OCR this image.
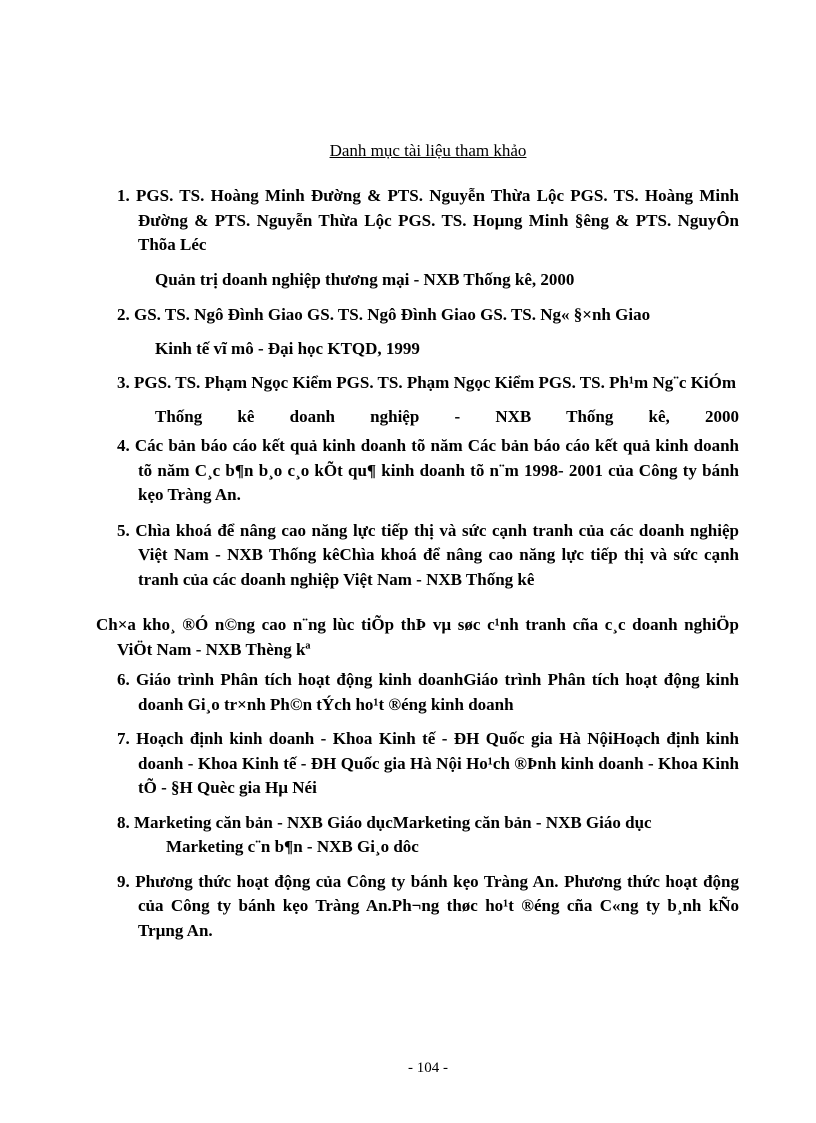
Danh mục tài liệu tham khảo
1. PGS. TS. Hoàng Minh Đường & PTS. Nguyễn Thừa Lộc PGS. TS. Hoàng Minh Đường & PTS. Nguyễn Thừa Lộc PGS. TS. Hoµng Minh §êng & PTS. NguyÔn Thõa Léc
Quản trị doanh nghiệp thương mại - NXB Thống kê, 2000
2. GS. TS. Ngô Đình Giao GS. TS. Ngô Đình Giao GS. TS. Ng« §×nh Giao
Kinh tế vĩ mô - Đại học KTQD, 1999
3. PGS. TS. Phạm Ngọc Kiểm PGS. TS. Phạm Ngọc Kiểm PGS. TS. Ph¹m Ng¨c KiÓm
Thống kê doanh nghiệp - NXB Thống kê, 2000
4. Các bản báo cáo kết quả kinh doanh tõ năm Các bản báo cáo kết quả kinh doanh tõ năm C¸c b¶n b¸o c¸o kÕt qu¶ kinh doanh tõ n¨m 1998- 2001 của Công ty bánh kẹo Tràng An.
5. Chìa khoá để nâng cao năng lực tiếp thị và sức cạnh tranh của các doanh nghiệp Việt Nam - NXB Thống kêChìa khoá để nâng cao năng lực tiếp thị và sức cạnh tranh của các doanh nghiệp Việt Nam - NXB Thống kê
Ch×a kho¸ ®Ó n©ng cao n¨ng lùc tiÕp thÞ vµ søc c¹nh tranh cña c¸c doanh nghiÖp ViÖt Nam - NXB Thèng kª
6. Giáo trình Phân tích hoạt động kinh doanhGiáo trình Phân tích hoạt động kinh doanh Gi¸o tr×nh Ph©n tÝch ho¹t ®éng kinh doanh
7. Hoạch định kinh doanh - Khoa Kinh tế - ĐH Quốc gia Hà NộiHoạch định kinh doanh - Khoa Kinh tế - ĐH Quốc gia Hà Nội Ho¹ch ®Þnh kinh doanh - Khoa Kinh tÕ - §H Quèc gia Hµ Néi
8. Marketing căn bản - NXB Giáo dụcMarketing căn bản - NXB Giáo dục
Marketing c¨n b¶n - NXB Gi¸o dôc
9. Phương thức hoạt động của Công ty bánh kẹo Tràng An. Phương thức hoạt động của Công ty bánh kẹo Tràng An.Ph¬ng thøc ho¹t ®éng cña C«ng ty b¸nh kÑo Trµng An.
- 104 -
